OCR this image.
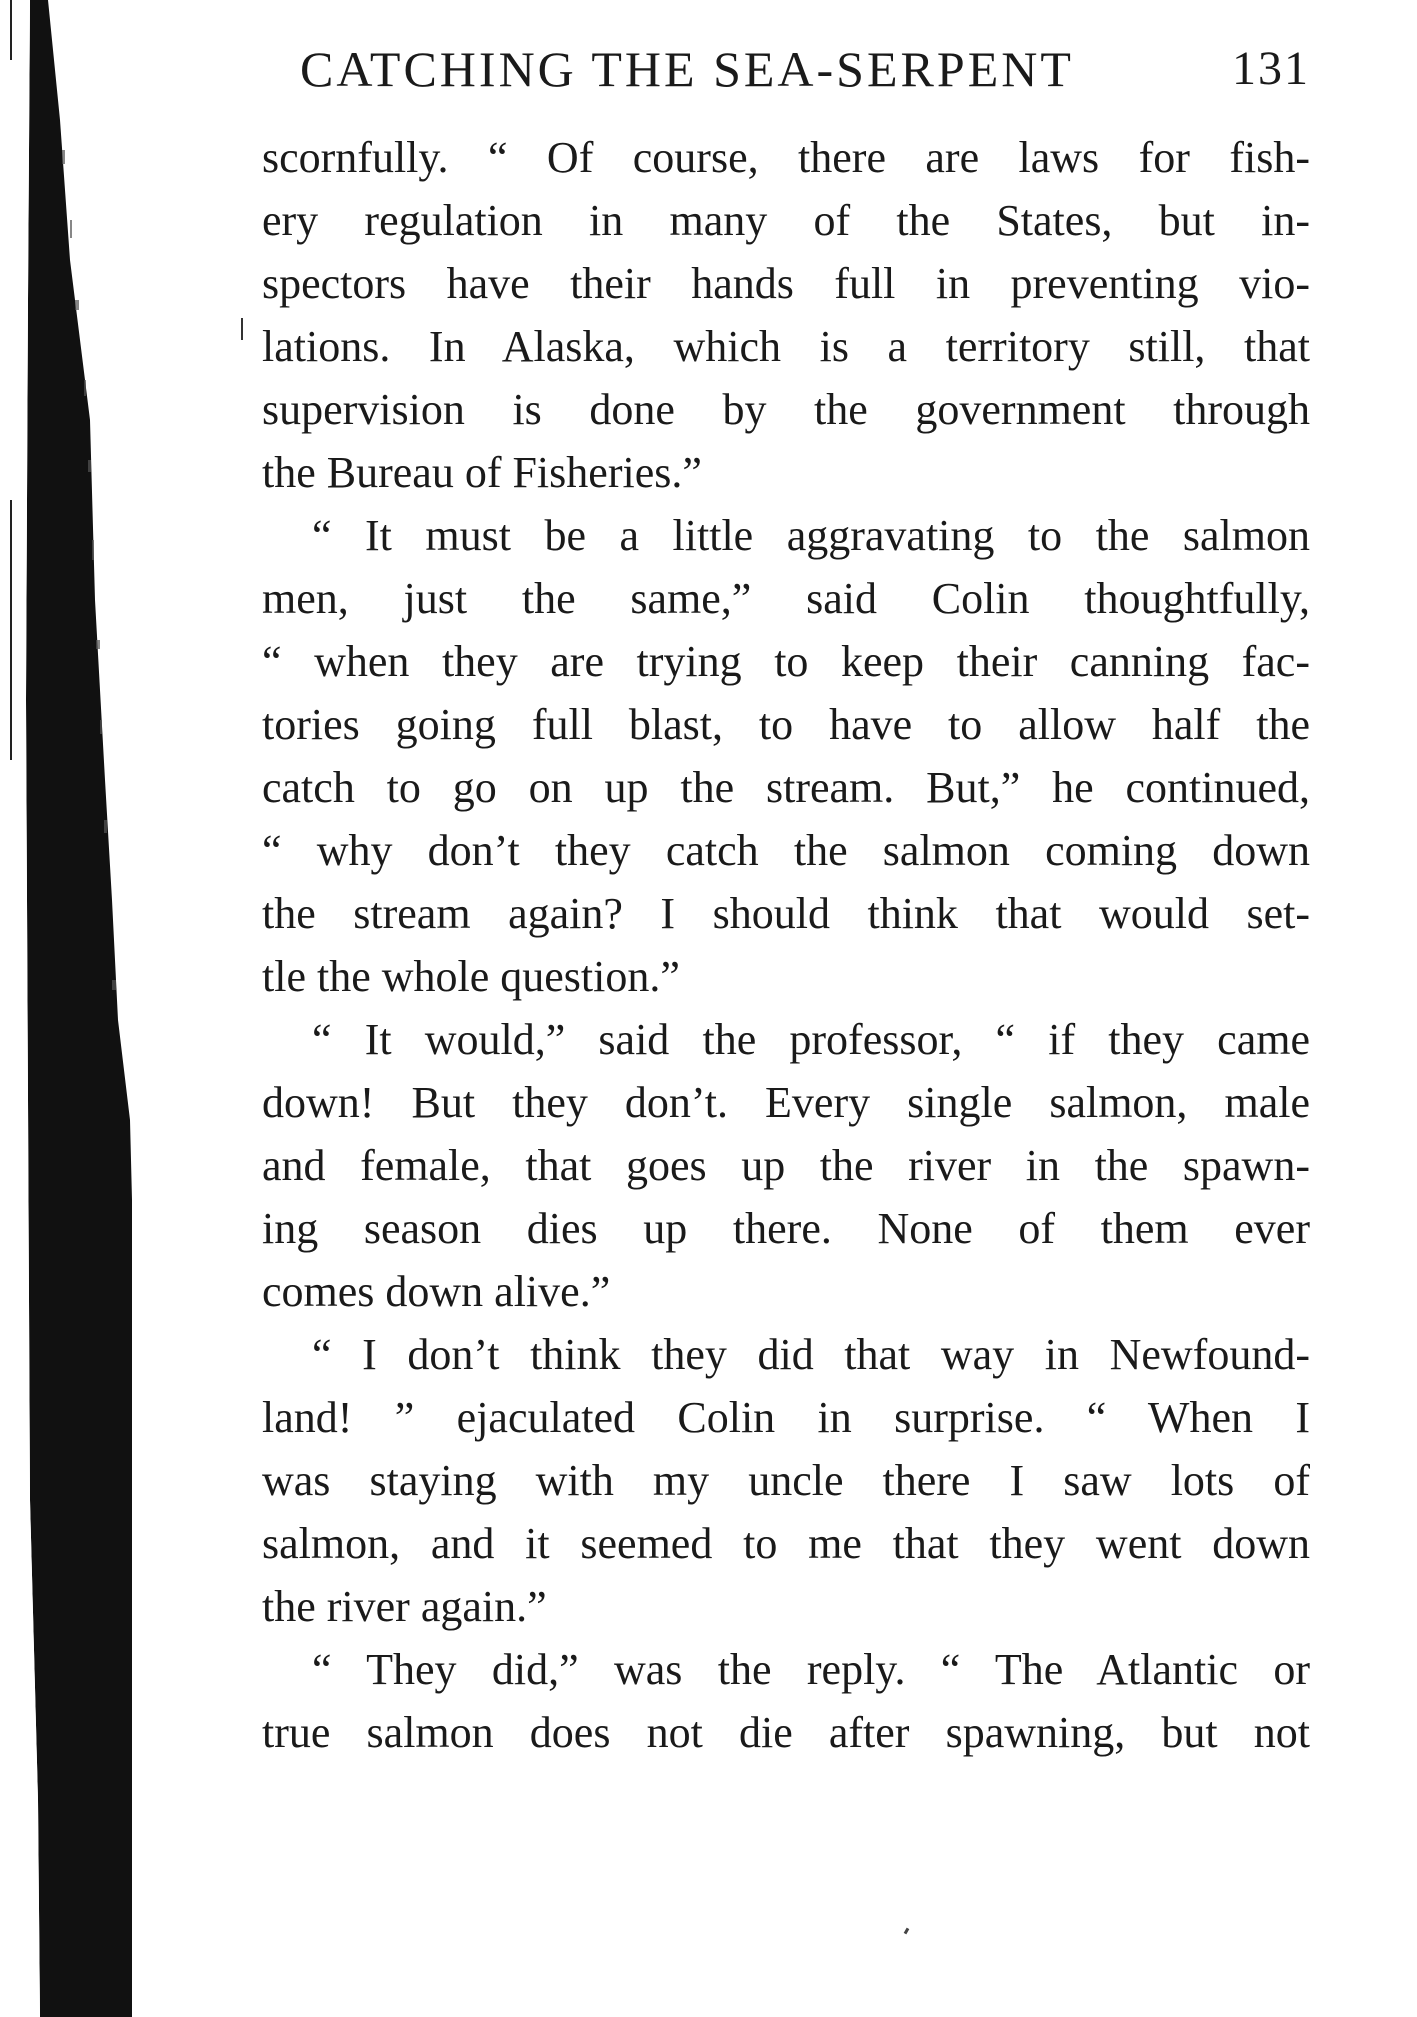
CATCHING THE SEA-SERPENT	131
scornfully. “ Of course, there are laws for fish-
ery regulation in many of the States, but in-
spectors have their hands full in preventing vio-
lations. In Alaska, which is a territory still, that
supervision is done by the government through
the Bureau of Fisheries.”
“ It must be a little aggravating to the salmon
men, just the same,” said Colin thoughtfully,
“ when they are trying to keep their canning fac-
tories going full blast, to have to allow half the
catch to go on up the stream. But,” he continued,
“ why don’t they catch the salmon coming down
the stream again? I should think that would set-
tle the whole question.”
“ It would,” said the professor, “ if they came
down! But they don’t. Every single salmon, male
and female, that goes up the river in the spawn-
ing season dies up there. None of them ever
comes down alive.”
“ I don’t think they did that way in Newfound-
land! ” ejaculated Colin in surprise. “ When I
was staying with my uncle there I saw lots of
salmon, and it seemed to me that they went down
the river again.”
“ They did,” was the reply. “ The Atlantic or
true salmon does not die after spawning, but not
